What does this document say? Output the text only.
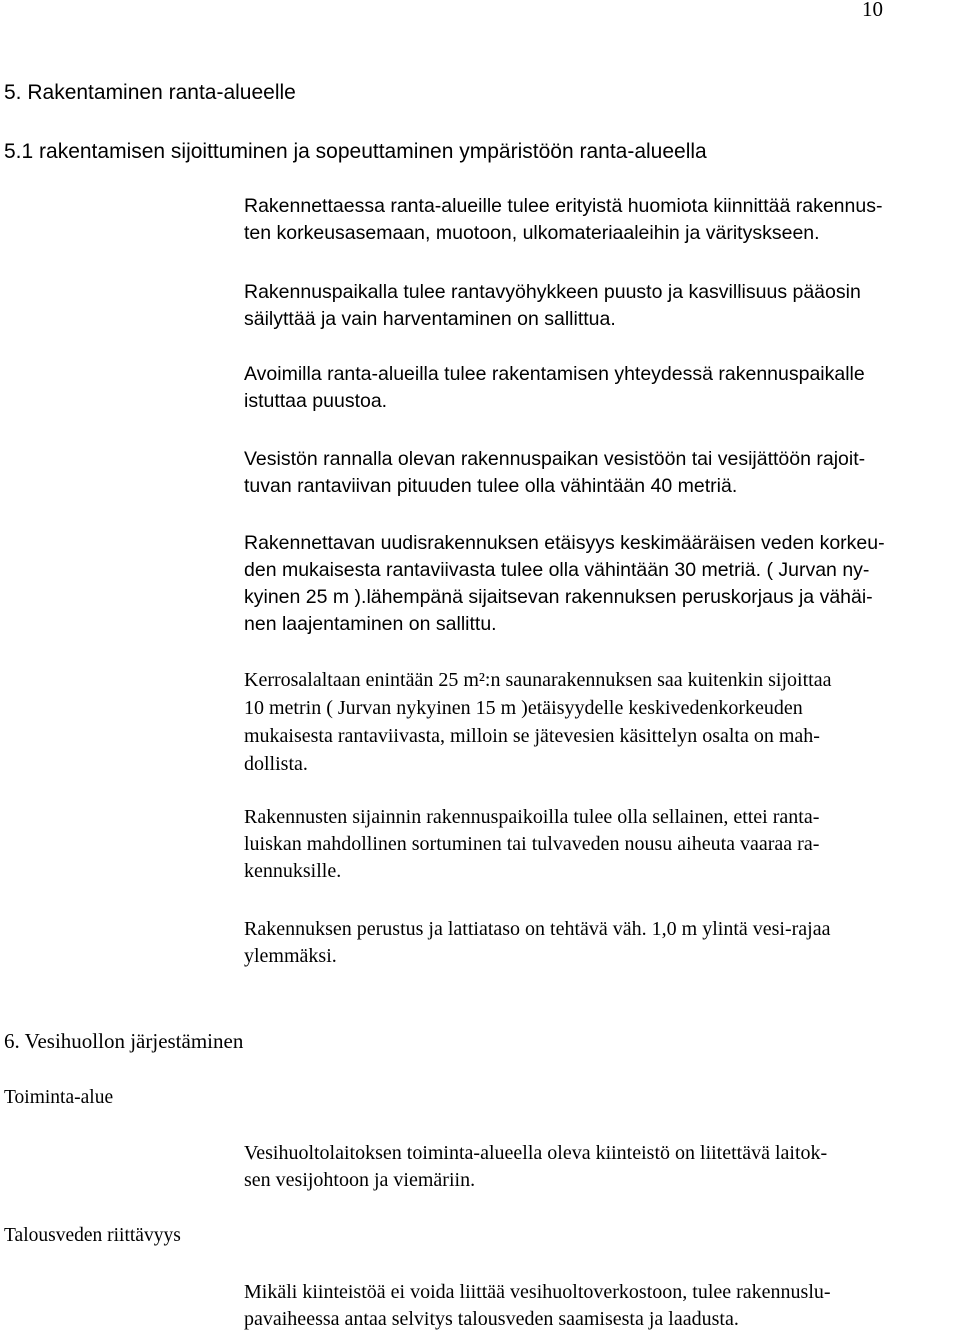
10
5. Rakentaminen ranta-alueelle
5.1 rakentamisen sijoittuminen ja sopeuttaminen ympäristöön ranta-alueella
Rakennettaessa ranta-alueille tulee erityistä huomiota kiinnittää rakennus-
ten korkeusasemaan, muotoon, ulkomateriaaleihin ja värityskseen.
Rakennuspaikalla tulee rantavyöhykkeen puusto ja kasvillisuus pääosin
säilyttää ja vain harventaminen on sallittua.
Avoimilla ranta-alueilla tulee rakentamisen yhteydessä rakennuspaikalle
istuttaa puustoa.
Vesistön rannalla olevan rakennuspaikan vesistöön tai vesijättöön rajoit-
tuvan rantaviivan pituuden tulee olla vähintään 40 metriä.
Rakennettavan uudisrakennuksen etäisyys keskimääräisen veden korkeu-
den mukaisesta rantaviivasta tulee olla vähintään 30 metriä. ( Jurvan ny-
kyinen 25 m ).lähempänä sijaitsevan rakennuksen peruskorjaus ja vähäi-
nen laajentaminen on sallittu.
Kerrosalaltaan enintään 25 m²:n saunarakennuksen saa kuitenkin sijoittaa
10 metrin ( Jurvan nykyinen 15 m )etäisyydelle keskivedenkorkeuden
mukaisesta rantaviivasta, milloin se jätevesien käsittelyn osalta on mah-
dollista.
Rakennusten sijainnin rakennuspaikoilla tulee olla sellainen, ettei ranta-
luiskan mahdollinen sortuminen tai tulvaveden nousu aiheuta vaaraa ra-
kennuksille.
Rakennuksen perustus ja lattiataso on tehtävä väh. 1,0 m ylintä vesi-rajaa
ylemmäksi.
6. Vesihuollon järjestäminen
Toiminta-alue
Vesihuoltolaitoksen toiminta-alueella oleva kiinteistö on liitettävä laitok-
sen vesijohtoon ja viemäriin.
Talousveden riittävyys
Mikäli kiinteistöä ei voida liittää vesihuoltoverkostoon, tulee rakennuslu-
pavaiheessa antaa selvitys talousveden saamisesta ja laadusta.
